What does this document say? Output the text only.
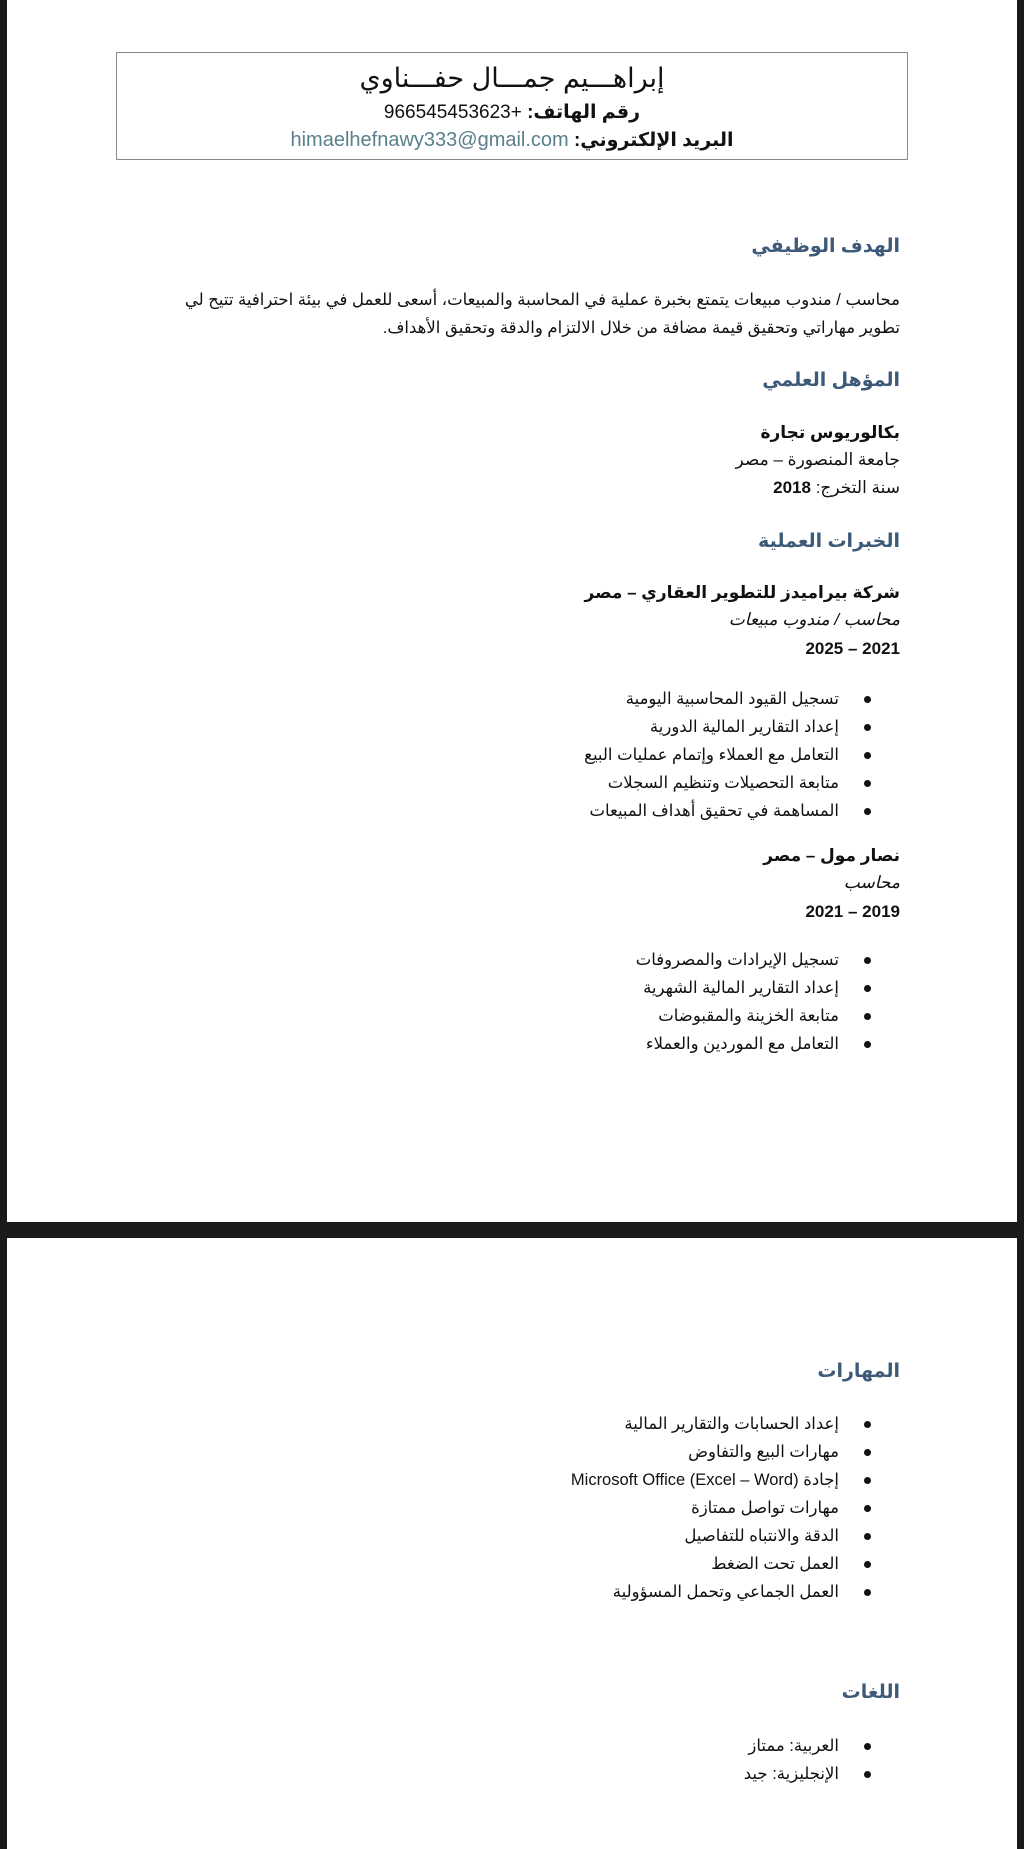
إبراهـــيم جمـــال حفـــناوي
رقم الهاتف: 966545453623+
البريد الإلكتروني: himaelhefnawy333@gmail.com
الهدف الوظيفي
محاسب / مندوب مبيعات يتمتع بخبرة عملية في المحاسبة والمبيعات، أسعى للعمل في بيئة احترافية تتيح لي تطوير مهاراتي وتحقيق قيمة مضافة من خلال الالتزام والدقة وتحقيق الأهداف.
المؤهل العلمي
بكالوريوس تجارة
جامعة المنصورة – مصر
سنة التخرج: 2018
الخبرات العملية
شركة بيراميدز للتطوير العقاري – مصر
محاسب / مندوب مبيعات
2021 – 2025
تسجيل القيود المحاسبية اليومية
إعداد التقارير المالية الدورية
التعامل مع العملاء وإتمام عمليات البيع
متابعة التحصيلات وتنظيم السجلات
المساهمة في تحقيق أهداف المبيعات
نصار مول – مصر
محاسب
2019 – 2021
تسجيل الإيرادات والمصروفات
إعداد التقارير المالية الشهرية
متابعة الخزينة والمقبوضات
التعامل مع الموردين والعملاء
المهارات
إعداد الحسابات والتقارير المالية
مهارات البيع والتفاوض
إجادة Microsoft Office (Excel – Word)
مهارات تواصل ممتازة
الدقة والانتباه للتفاصيل
العمل تحت الضغط
العمل الجماعي وتحمل المسؤولية
اللغات
العربية: ممتاز
الإنجليزية: جيد
